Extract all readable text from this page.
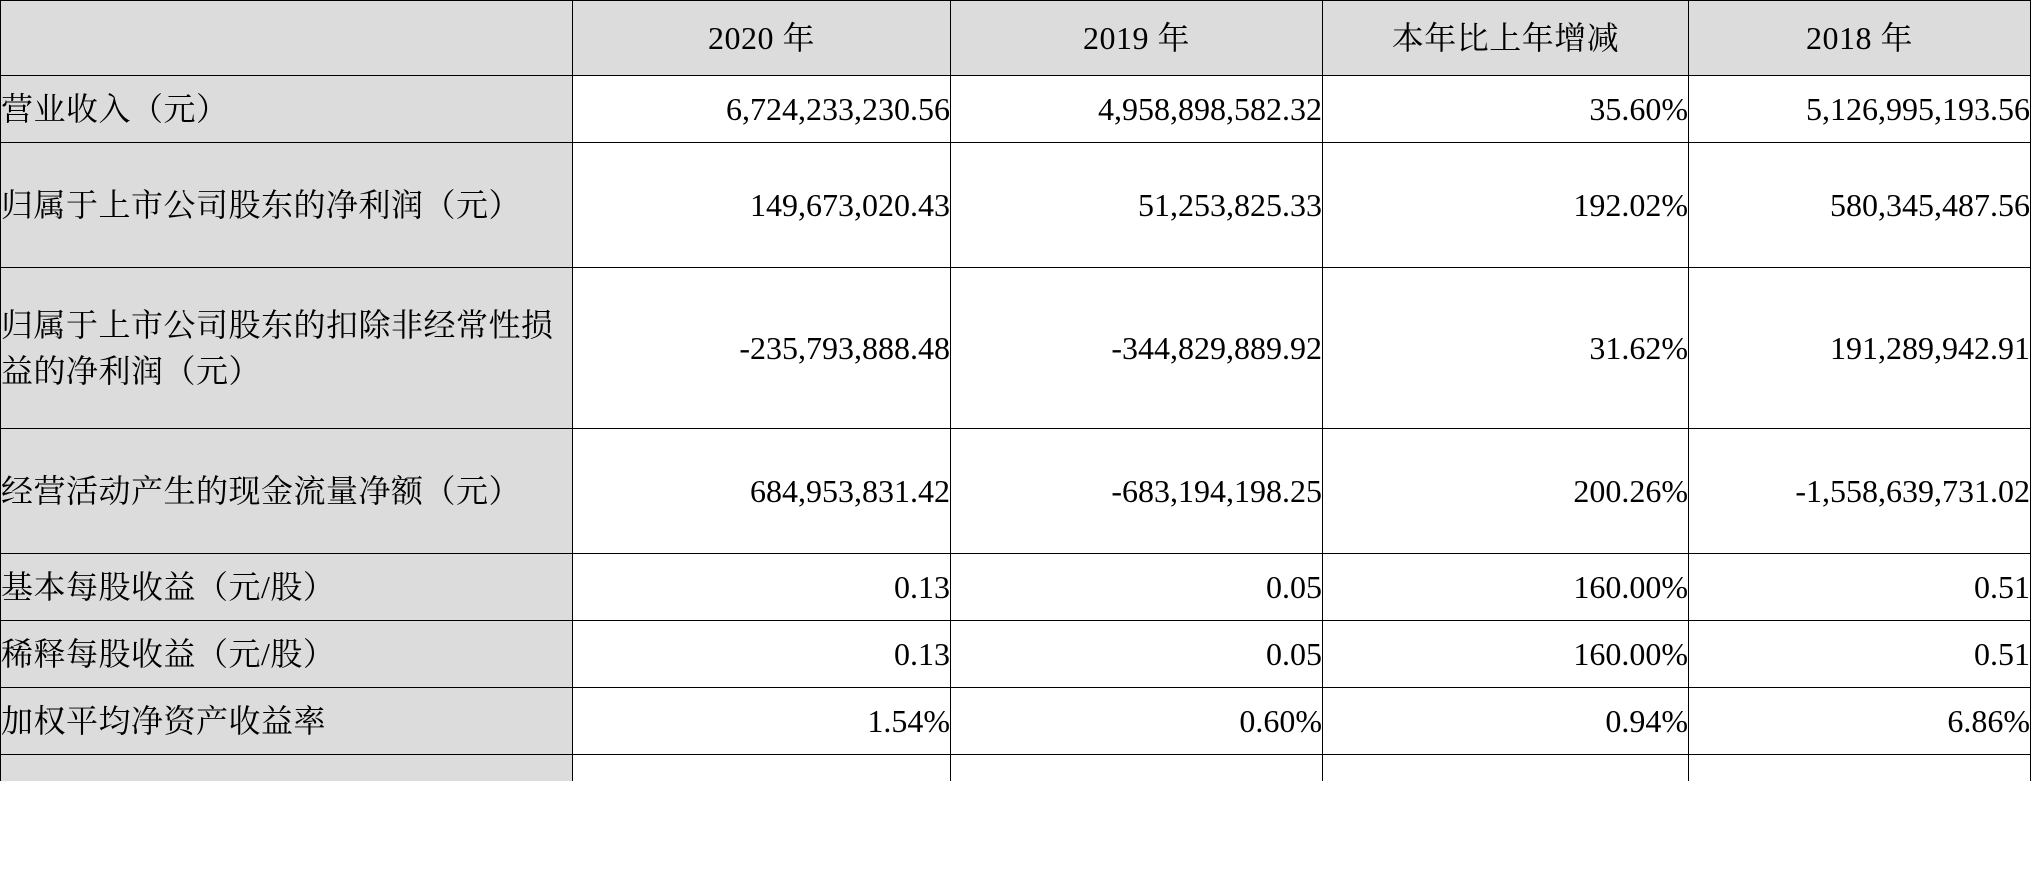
	2020 年	2019 年	本年比上年增减	2018 年
营业收入（元）	6,724,233,230.56	4,958,898,582.32	35.60%	5,126,995,193.56
归属于上市公司股东的净利润（元）	149,673,020.43	51,253,825.33	192.02%	580,345,487.56
归属于上市公司股东的扣除非经常性损益的净利润（元）	-235,793,888.48	-344,829,889.92	31.62%	191,289,942.91
经营活动产生的现金流量净额（元）	684,953,831.42	-683,194,198.25	200.26%	-1,558,639,731.02
基本每股收益（元/股）	0.13	0.05	160.00%	0.51
稀释每股收益（元/股）	0.13	0.05	160.00%	0.51
加权平均净资产收益率	1.54%	0.60%	0.94%	6.86%
